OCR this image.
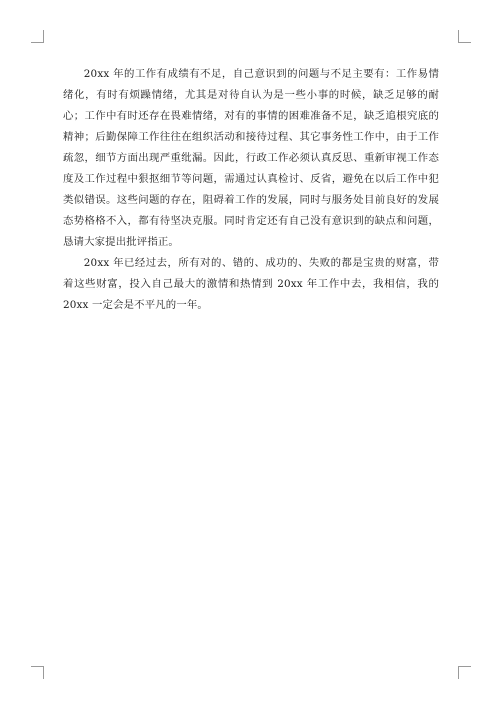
20xx 年的工作有成绩有不足，自己意识到的问题与不足主要有：工作易情绪化，有时有烦躁情绪，尤其是对待自认为是一些小事的时候，缺乏足够的耐心；工作中有时还存在畏难情绪，对有的事情的困难准备不足，缺乏追根究底的精神；后勤保障工作往往在组织活动和接待过程、其它事务性工作中，由于工作疏忽，细节方面出现严重纰漏。因此，行政工作必须认真反思、重新审视工作态度及工作过程中狠抠细节等问题，需通过认真检讨、反省，避免在以后工作中犯类似错误。这些问题的存在，阻碍着工作的发展，同时与服务处目前良好的发展态势格格不入，都有待坚决克服。同时肯定还有自己没有意识到的缺点和问题，恳请大家提出批评指正。

20xx 年已经过去，所有对的、错的、成功的、失败的都是宝贵的财富，带着这些财富，投入自己最大的激情和热情到 20xx 年工作中去，我相信，我的 20xx 一定会是不平凡的一年。
